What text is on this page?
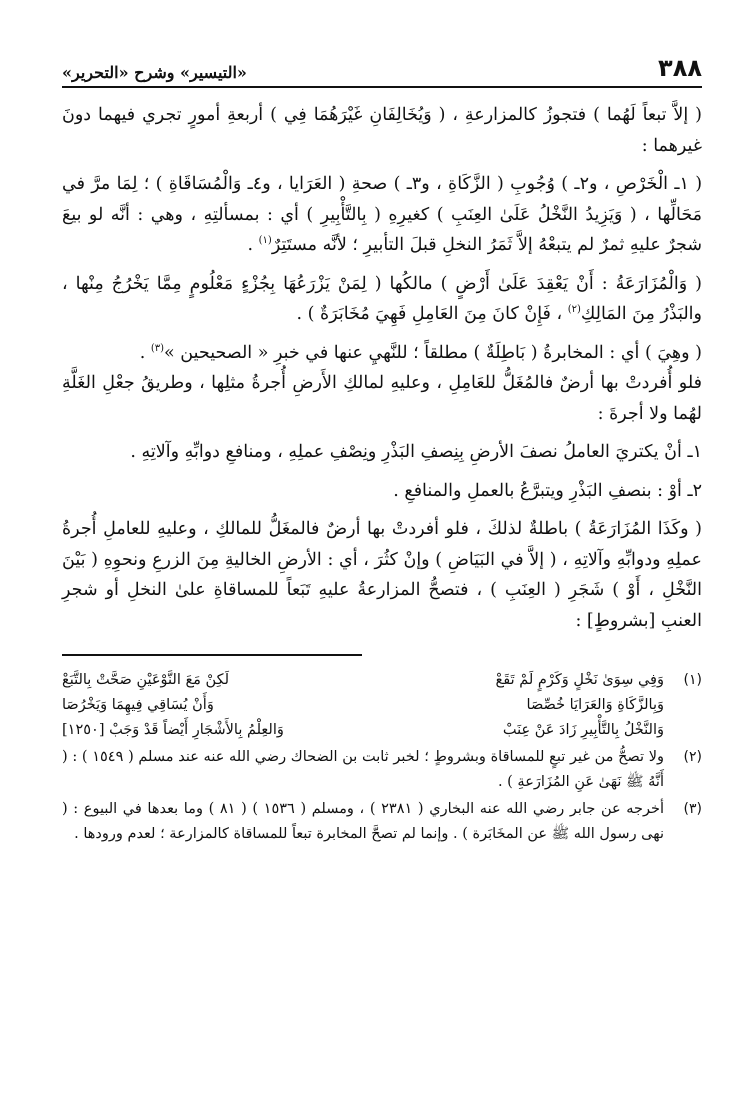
٣٨٨
«التيسير» وشرح «التحرير»

( إلاَّ تبعاً لَهُما ) فتجوزُ كالمزارعةِ ، ( وَيُخَالِفَانِ غَيْرَهُمَا فِي ) أربعةِ أمورٍ تجري فيهما دونَ غيرهما :

( ١ـ الْخَرْصِ ، و٢ـ ) وُجُوبِ ( الزَّكَاةِ ، و٣ـ ) صحةِ ( العَرَايا ، و٤ـ وَالْمُسَاقَاةِ ) ؛ لِمَا مرَّ في مَحَالِّها ، ( وَيَزِيدُ النَّخْلُ عَلَىٰ العِنَبِ ) كغيرِهِ ( بِالتَّأْبِيرِ ) أي : بمسألتِهِ ، وهي : أنَّه لو بيعَ شجرٌ عليهِ ثمرٌ لم يتبعْهُ إلاَّ ثَمَرُ النخلِ قبلَ التأبيرِ ؛ لأنَّه مستَتِرٌ$^{(١)}$ .

( وَالْمُزَارَعَةُ : أَنْ يَعْقِدَ عَلَىٰ أَرْضٍ ) مالكُها ( لِمَنْ يَزْرَعُهَا بِجُزْءٍ مَعْلُومٍ مِمَّا يَخْرُجُ مِنْها ، والبَذْرُ مِنَ المَالِكِ$^{(٢)}$ ، فَإِنْ كانَ مِنَ العَامِلِ فَهِيَ مُخَابَرَةٌ ) .

( وهِيَ ) أي : المخابرةُ ( بَاطِلَةٌ ) مطلقاً ؛ للنَّهيِ عنها في خبرِ « الصحيحين »$^{(٣)}$ .

فلو أُفردتْ بها أرضٌ فالمُغَلُّ للعَامِلِ ، وعليهِ لمالكِ الأَرضِ أُجرةُ مثلِها ، وطريقُ جعْلِ الغَلَّةِ لهُما ولا أجرةَ :

١ـ أنْ يكتريَ العاملُ نصفَ الأرضِ بِنِصفِ البَذْرِ ونِصْفِ عملِهِ ، ومنافعِ دوابِّهِ وآلاتِهِ .

٢ـ أوْ : بنصفِ البَذْرِ ويتبرَّعُ بالعملِ والمنافعِ .

( وكَذَا المُزَارَعَةُ ) باطلةٌ لذلكَ ، فلو أفردتْ بها أرضٌ فالمغَلُّ للمالكِ ، وعليهِ للعاملِ أُجرةُ عملِهِ ودوابِّهِ وآلاتِهِ ، ( إلاَّ في البَيَاضِ ) وإنْ كثُرَ ، أي : الأرضِ الخاليةِ مِنَ الزرعِ ونحوِهِ ( بَيْنَ النَّخْلِ ، أَوْ ) شَجَرِ ( العِنَبِ ) ، فتصحُّ المزارعةُ عليهِ تَبَعاً للمساقاةِ علىٰ النخلِ أو شجرِ العنبِ [بشروطٍ] :

(١)
وَفِي سِوَىٰ نَخْلٍ وَكَرْمٍ لَمْ تَقَعْ
لَكِنْ مَعَ النَّوْعَيْنِ صَحَّتْ بِالتَّبَعْ
وَبِالزَّكَاةِ وَالعَرَايَا خُصِّصَا
وَأَنْ يُسَاقِي فِيهِمَا وَيَخْرُصَا
وَالنَّخْلُ بِالتَّأْبِيرِ زَادَ عَنْ عِنَبْ
وَالعِلْمُ بِالأَشْجَارِ أَيْضاً قَدْ وَجَبْ [١٢٥٠]
(٢)
ولا تصحُّ من غير تبعٍ للمساقاة وبشروطٍ ؛ لخبر ثابت بن الضحاك رضي الله عنه عند مسلم ( ١٥٤٩ ) : ( أَنَّهُ ﷺ نَهَىٰ عَنِ المُزَارَعةِ ) .
(٣)
أخرجه عن جابر رضي الله عنه البخاري ( ٢٣٨١ ) ، ومسلم ( ١٥٣٦ ) ( ٨١ ) وما بعدها في البيوع : ( نهى رسول الله ﷺ عن المخَابَرة ) . وإنما لم تصحَّ المخابرة تبعاً للمساقاة كالمزارعة ؛ لعدم ورودها .
